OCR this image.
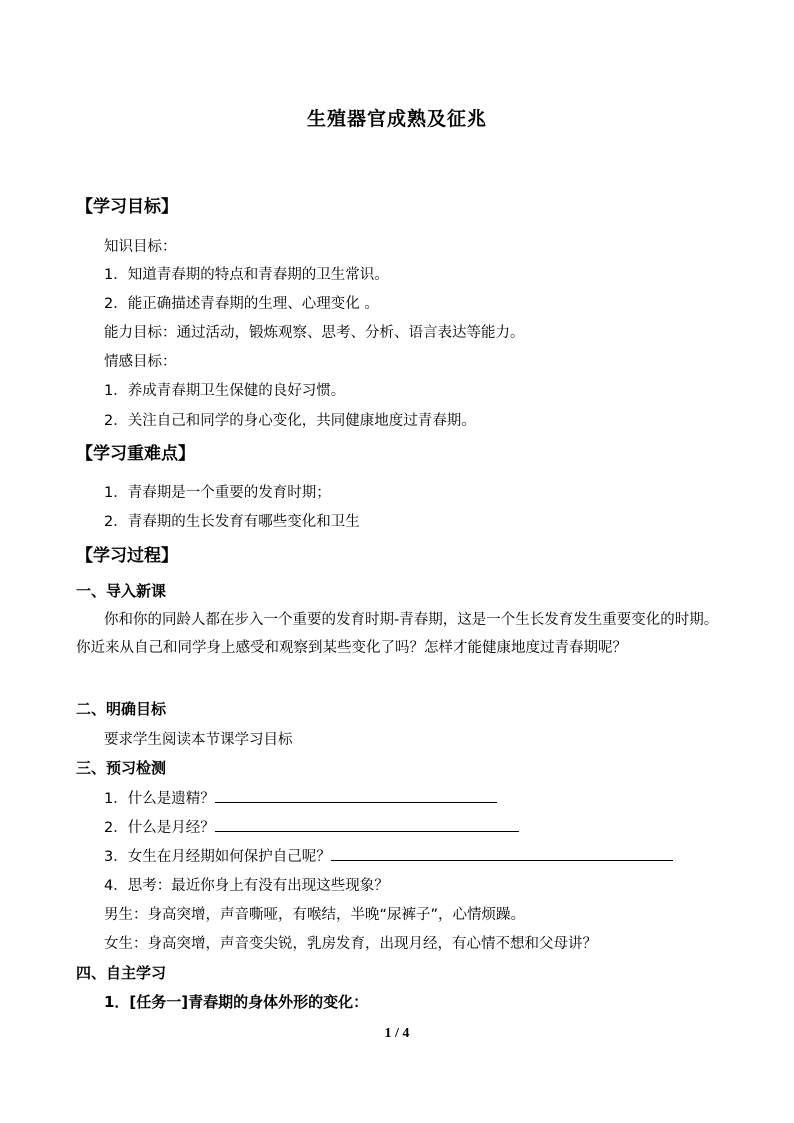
生殖器官成熟及征兆
【学习目标】
知识目标：
1．知道青春期的特点和青春期的卫生常识。
2．能正确描述青春期的生理、心理变化 。
能力目标：通过活动，锻炼观察、思考、分析、语言表达等能力。
情感目标：
1．养成青春期卫生保健的良好习惯。
2．关注自己和同学的身心变化，共同健康地度过青春期。
【学习重难点】
1．青春期是一个重要的发育时期；
2．青春期的生长发育有哪些变化和卫生
【学习过程】
一、导入新课
你和你的同龄人都在步入一个重要的发育时期-青春期，这是一个生长发育发生重要变化的时期。你近来从自己和同学身上感受和观察到某些变化了吗？怎样才能健康地度过青春期呢？
二、明确目标
要求学生阅读本节课学习目标
三、预习检测
1．什么是遗精？
2．什么是月经？
3．女生在月经期如何保护自己呢？
4．思考：最近你身上有没有出现这些现象？
男生：身高突增，声音嘶哑，有喉结，半晚“尿裤子”，心情烦躁。
女生：身高突增，声音变尖锐，乳房发育，出现月经，有心情不想和父母讲？
四、自主学习
1．[任务一]青春期的身体外形的变化：
1 / 4
